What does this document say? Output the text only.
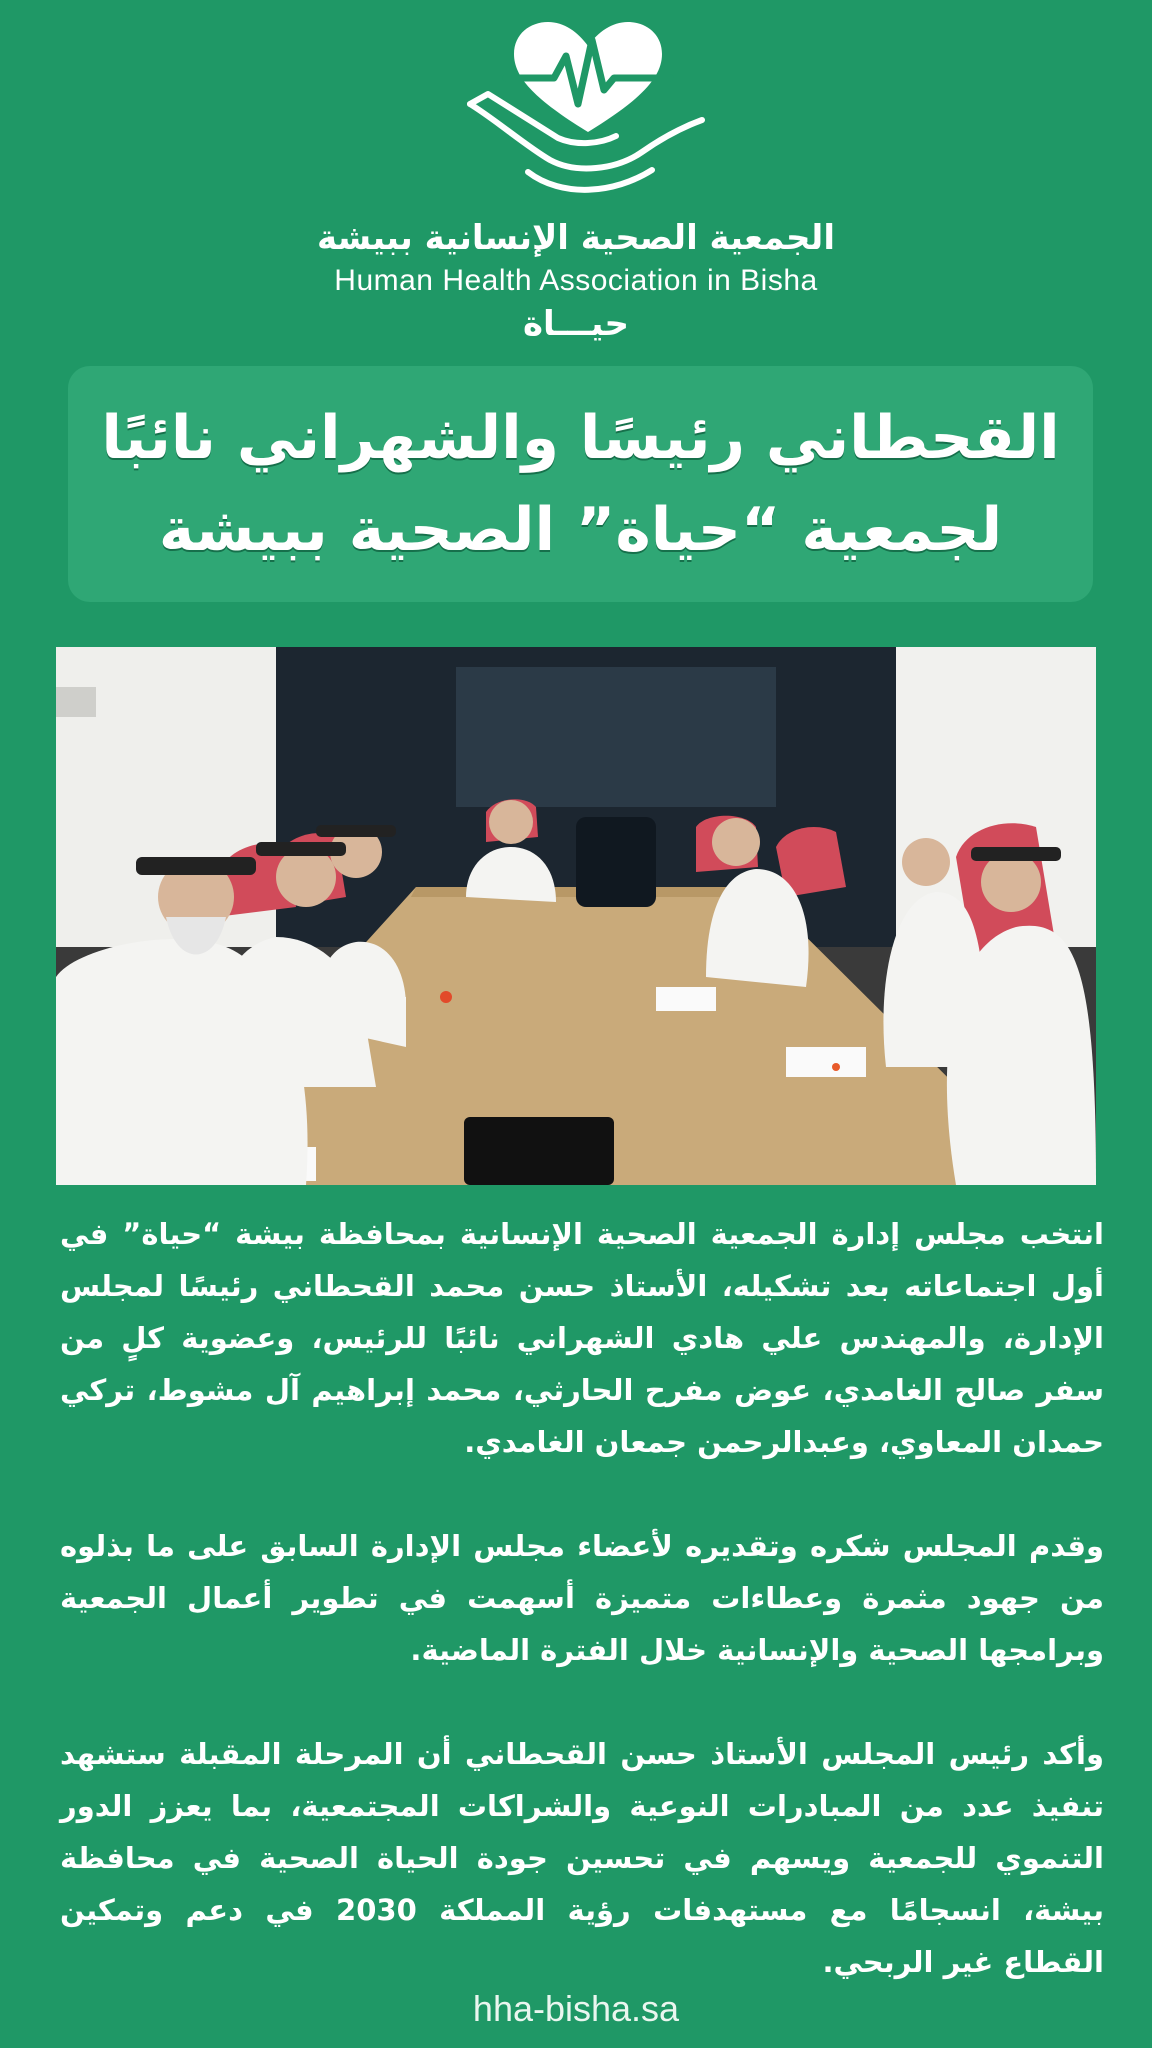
الجمعية الصحية الإنسانية ببيشة
Human Health Association in Bisha
حيـــاة
القحطاني رئيسًا والشهراني نائبًا
لجمعية “حياة” الصحية ببيشة

انتخب مجلس إدارة الجمعية الصحية الإنسانية بمحافظة بيشة “حياة” في أول اجتماعاته بعد تشكيله، الأستاذ حسن محمد القحطاني رئيسًا لمجلس الإدارة، والمهندس علي هادي الشهراني نائبًا للرئيس، وعضوية كلٍ من سفر صالح الغامدي، عوض مفرح الحارثي، محمد إبراهيم آل مشوط، تركي حمدان المعاوي، وعبدالرحمن جمعان الغامدي.

وقدم المجلس شكره وتقديره لأعضاء مجلس الإدارة السابق على ما بذلوه من جهود مثمرة وعطاءات متميزة أسهمت في تطوير أعمال الجمعية وبرامجها الصحية والإنسانية خلال الفترة الماضية.

وأكد رئيس المجلس الأستاذ حسن القحطاني أن المرحلة المقبلة ستشهد تنفيذ عدد من المبادرات النوعية والشراكات المجتمعية، بما يعزز الدور التنموي للجمعية ويسهم في تحسين جودة الحياة الصحية في محافظة بيشة، انسجامًا مع مستهدفات رؤية المملكة 2030 في دعم وتمكين القطاع غير الربحي.

hha-bisha.sa
